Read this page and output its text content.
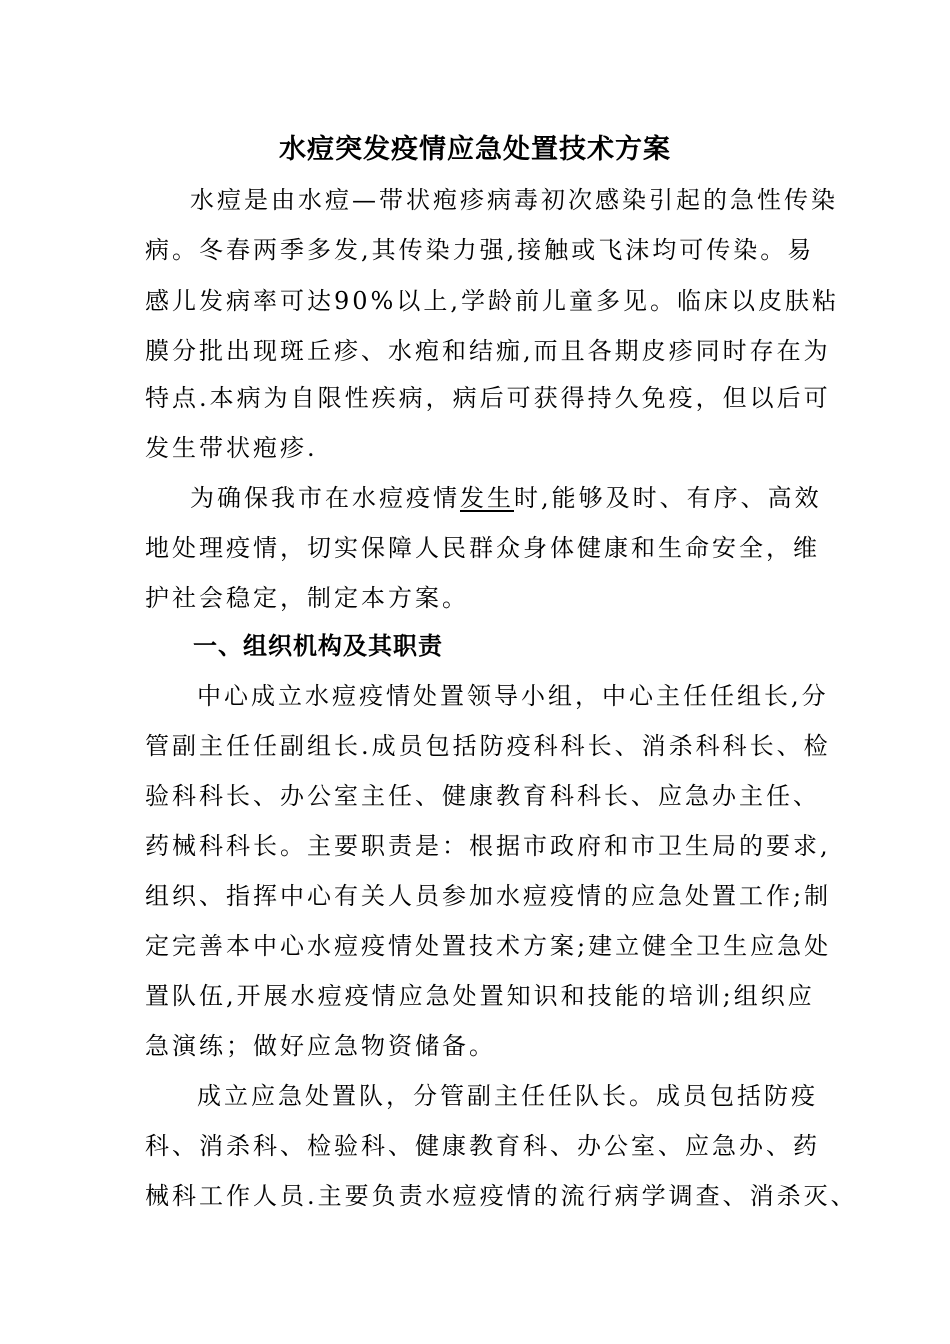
水痘突发疫情应急处置技术方案
水痘是由水痘—带状疱疹病毒初次感染引起的急性传染
病。冬春两季多发,其传染力强,接触或飞沫均可传染。易
感儿发病率可达90%以上,学龄前儿童多见。临床以皮肤粘
膜分批出现斑丘疹、水疱和结痂,而且各期皮疹同时存在为
特点.本病为自限性疾病，病后可获得持久免疫，但以后可
发生带状疱疹.
为确保我市在水痘疫情发生时,能够及时、有序、高效
地处理疫情，切实保障人民群众身体健康和生命安全，维
护社会稳定，制定本方案。
一、组织机构及其职责
中心成立水痘疫情处置领导小组，中心主任任组长,分
管副主任任副组长.成员包括防疫科科长、消杀科科长、检
验科科长、办公室主任、健康教育科科长、应急办主任、
药械科科长。主要职责是：根据市政府和市卫生局的要求,
组织、指挥中心有关人员参加水痘疫情的应急处置工作;制
定完善本中心水痘疫情处置技术方案;建立健全卫生应急处
置队伍,开展水痘疫情应急处置知识和技能的培训;组织应
急演练；做好应急物资储备。
成立应急处置队，分管副主任任队长。成员包括防疫
科、消杀科、检验科、健康教育科、办公室、应急办、药
械科工作人员.主要负责水痘疫情的流行病学调查、消杀灭、
